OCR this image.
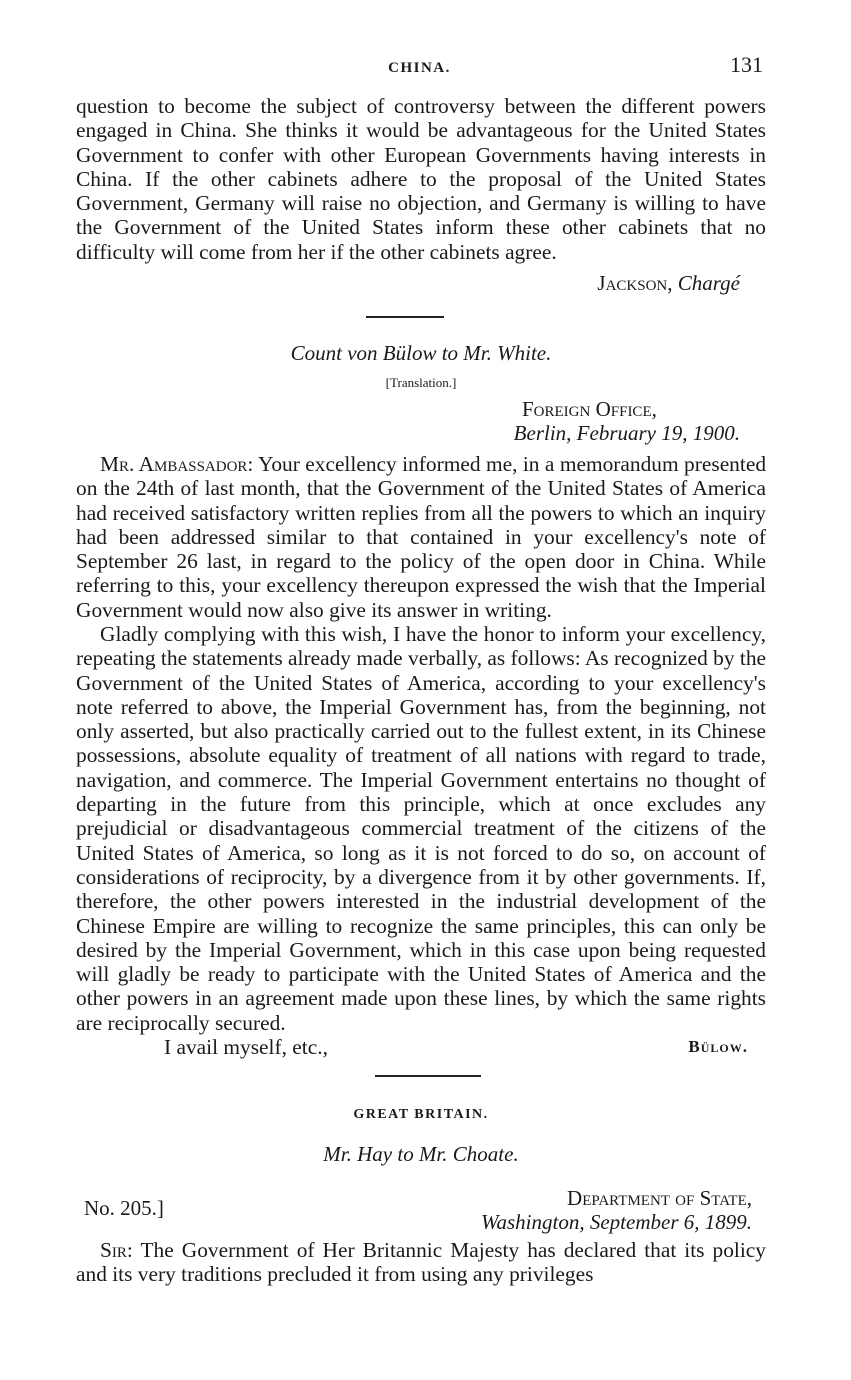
CHINA.	131

question to become the subject of controversy between the different powers engaged in China. She thinks it would be advantageous for the United States Government to confer with other European Governments having interests in China. If the other cabinets adhere to the proposal of the United States Government, Germany will raise no objection, and Germany is willing to have the Government of the United States inform these other cabinets that no difficulty will come from her if the other cabinets agree.

Jackson, Chargé
Count von Bülow to Mr. White.
[Translation.]
Foreign Office,
Berlin, February 19, 1900.

Mr. Ambassador: Your excellency informed me, in a memorandum presented on the 24th of last month, that the Government of the United States of America had received satisfactory written replies from all the powers to which an inquiry had been addressed similar to that contained in your excellency's note of September 26 last, in regard to the policy of the open door in China. While referring to this, your excellency thereupon expressed the wish that the Imperial Government would now also give its answer in writing.

Gladly complying with this wish, I have the honor to inform your excellency, repeating the statements already made verbally, as follows: As recognized by the Government of the United States of America, according to your excellency's note referred to above, the Imperial Government has, from the beginning, not only asserted, but also practically carried out to the fullest extent, in its Chinese possessions, absolute equality of treatment of all nations with regard to trade, navigation, and commerce. The Imperial Government entertains no thought of departing in the future from this principle, which at once excludes any prejudicial or disadvantageous commercial treatment of the citizens of the United States of America, so long as it is not forced to do so, on account of considerations of reciprocity, by a divergence from it by other governments. If, therefore, the other powers interested in the industrial development of the Chinese Empire are willing to recognize the same principles, this can only be desired by the Imperial Government, which in this case upon being requested will gladly be ready to participate with the United States of America and the other powers in an agreement made upon these lines, by which the same rights are reciprocally secured.

I avail myself, etc.,	Bülow.
GREAT BRITAIN.
Mr. Hay to Mr. Choate.
No. 205.]	Department of State,
Washington, September 6, 1899.

Sir: The Government of Her Britannic Majesty has declared that its policy and its very traditions precluded it from using any privileges
